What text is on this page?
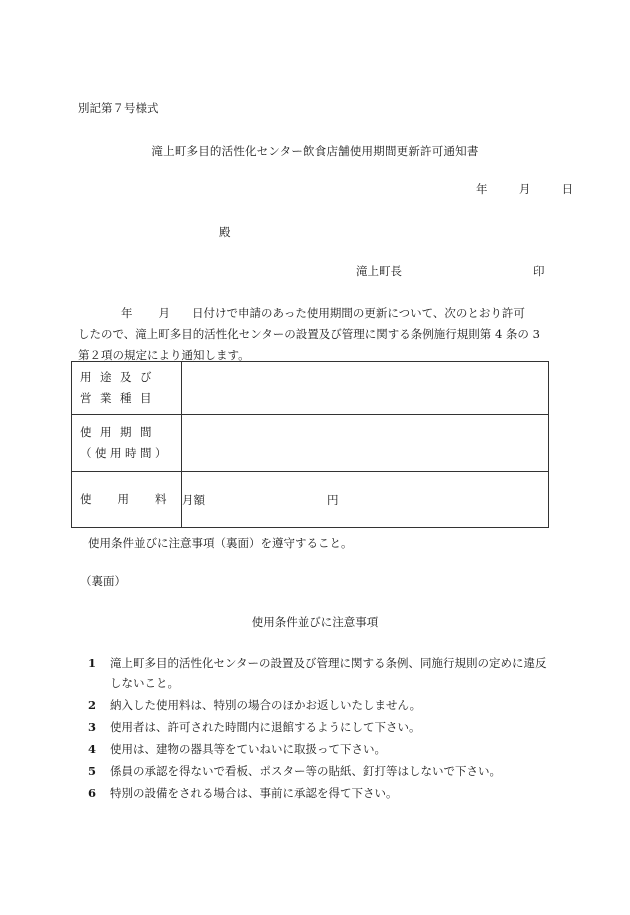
別記第７号様式
滝上町多目的活性化センター飲食店舗使用期間更新許可通知書
年	月	日
殿
滝上町長	印
年 月 日付けで申請のあった使用期間の更新について、次のとおり許可
したので、滝上町多目的活性化センターの設置及び管理に関する条例施行規則第 4 条の 3
第２項の規定により通知します。
用途及び
営業種目	

使用期間
（使用時間）	

使 用 料	月額 円
使用条件並びに注意事項（裏面）を遵守すること。
（裏面）
使用条件並びに注意事項
1	滝上町多目的活性化センターの設置及び管理に関する条例、同施行規則の定めに違反しないこと。
2	納入した使用料は、特別の場合のほかお返しいたしません。
3	使用者は、許可された時間内に退館するようにして下さい。
4	使用は、建物の器具等をていねいに取扱って下さい。
5	係員の承認を得ないで看板、ポスター等の貼紙、釘打等はしないで下さい。
6	特別の設備をされる場合は、事前に承認を得て下さい。
